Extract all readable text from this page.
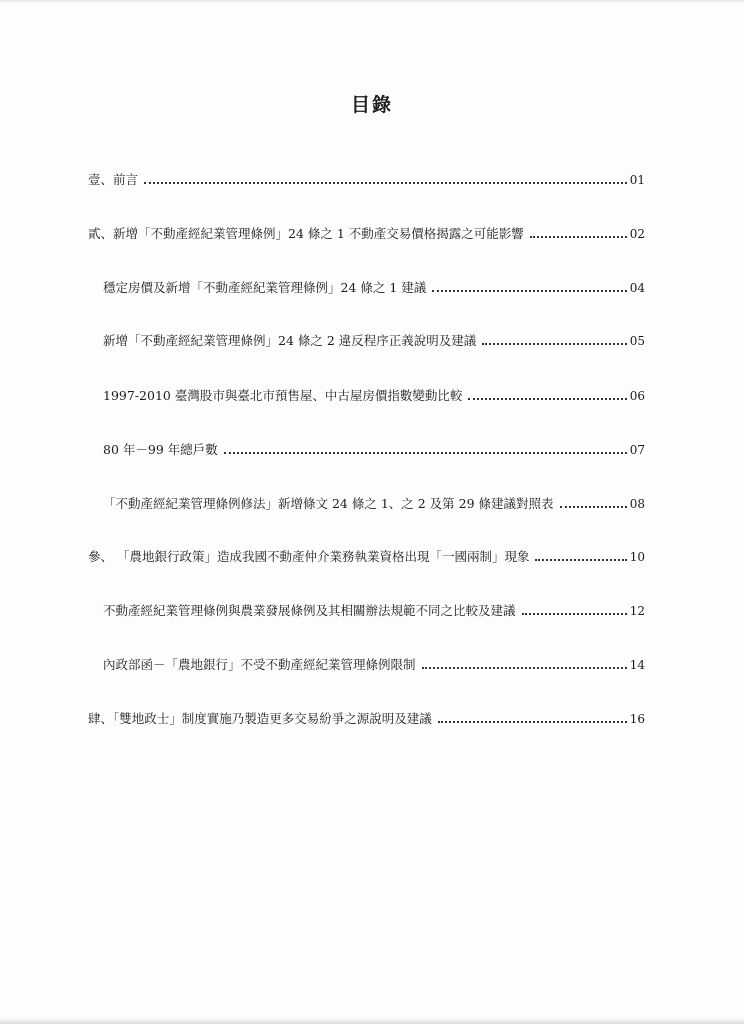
目錄
壹、前言	01
貳、新增「不動產經紀業管理條例」24 條之 1 不動產交易價格揭露之可能影響	02
穩定房價及新增「不動產經紀業管理條例」24 條之 1 建議	04
新增「不動產經紀業管理條例」24 條之 2 違反程序正義說明及建議	05
1997-2010 臺灣股市與臺北市預售屋、中古屋房價指數變動比較	06
80 年－99 年總戶數	07
「不動產經紀業管理條例修法」新增條文 24 條之 1、之 2 及第 29 條建議對照表	08
參、 「農地銀行政策」造成我國不動產仲介業務執業資格出現「一國兩制」現象	10
不動產經紀業管理條例與農業發展條例及其相關辦法規範不同之比較及建議	12
內政部函－「農地銀行」不受不動產經紀業管理條例限制	14
肆、「雙地政士」制度實施乃製造更多交易紛爭之源說明及建議	16
